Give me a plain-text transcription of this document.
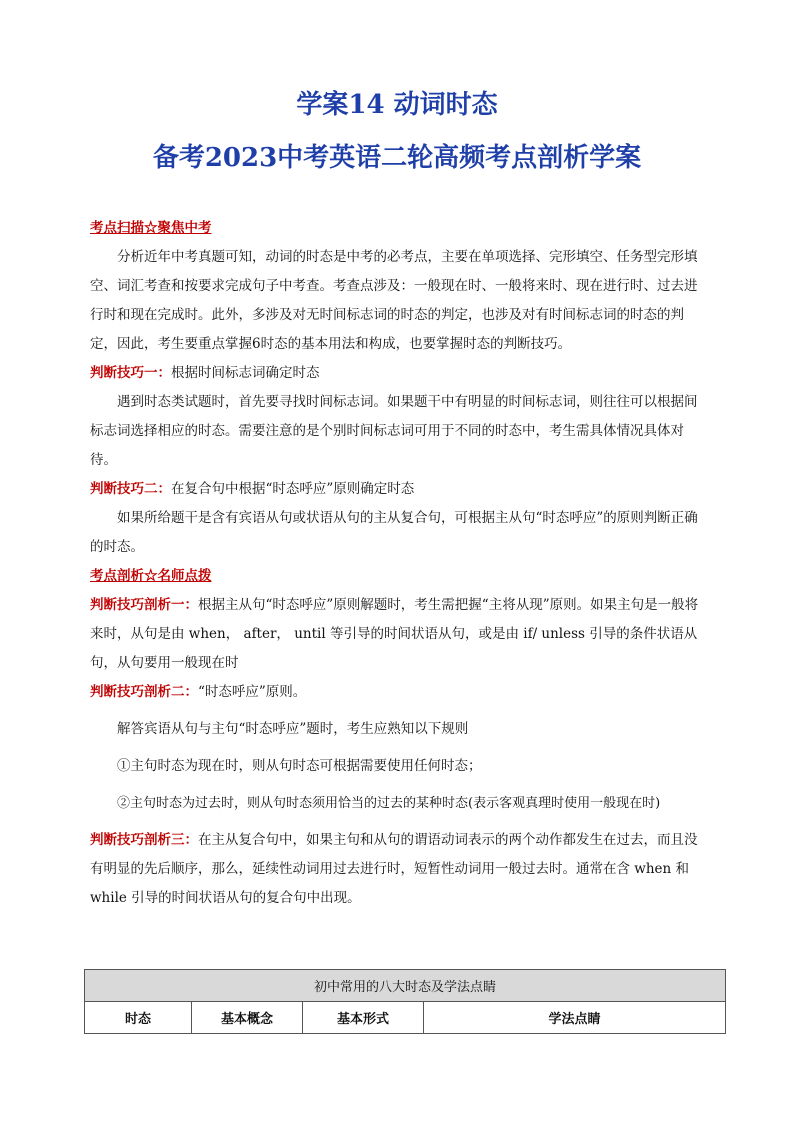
学案14 动词时态
备考2023中考英语二轮高频考点剖析学案

考点扫描☆聚焦中考

分析近年中考真题可知，动词的时态是中考的必考点，主要在单项选择、完形填空、任务型完形填空、词汇考查和按要求完成句子中考查。考查点涉及：一般现在时、一般将来时、现在进行时、过去进行时和现在完成时。此外，多涉及对无时间标志词的时态的判定，也涉及对有时间标志词的时态的判定，因此，考生要重点掌握6时态的基本用法和构成，也要掌握时态的判断技巧。

判断技巧一：根据时间标志词确定时态

遇到时态类试题时，首先要寻找时间标志词。如果题干中有明显的时间标志词，则往往可以根据间标志词选择相应的时态。需要注意的是个别时间标志词可用于不同的时态中，考生需具体情况具体对待。

判断技巧二：在复合句中根据“时态呼应”原则确定时态

如果所给题干是含有宾语从句或状语从句的主从复合句，可根据主从句“时态呼应”的原则判断正确的时态。

考点剖析☆名师点拨

判断技巧剖析一：根据主从句“时态呼应”原则解题时，考生需把握“主将从现”原则。如果主句是一般将来时，从句是由 when， after， until 等引导的时间状语从句，或是由 if/ unless 引导的条件状语从句，从句要用一般现在时

判断技巧剖析二：“时态呼应”原则。

解答宾语从句与主句“时态呼应”题时，考生应熟知以下规则

①主句时态为现在时，则从句时态可根据需要使用任何时态；

②主句时态为过去时，则从句时态须用恰当的过去的某种时态(表示客观真理时使用一般现在时)

判断技巧剖析三：在主从复合句中，如果主句和从句的谓语动词表示的两个动作都发生在过去，而且没有明显的先后顺序，那么，延续性动词用过去进行时，短暂性动词用一般过去时。通常在含 when 和 while 引导的时间状语从句的复合句中出现。

初中常用的八大时态及学法点睛
时态	基本概念	基本形式	学法点睛
